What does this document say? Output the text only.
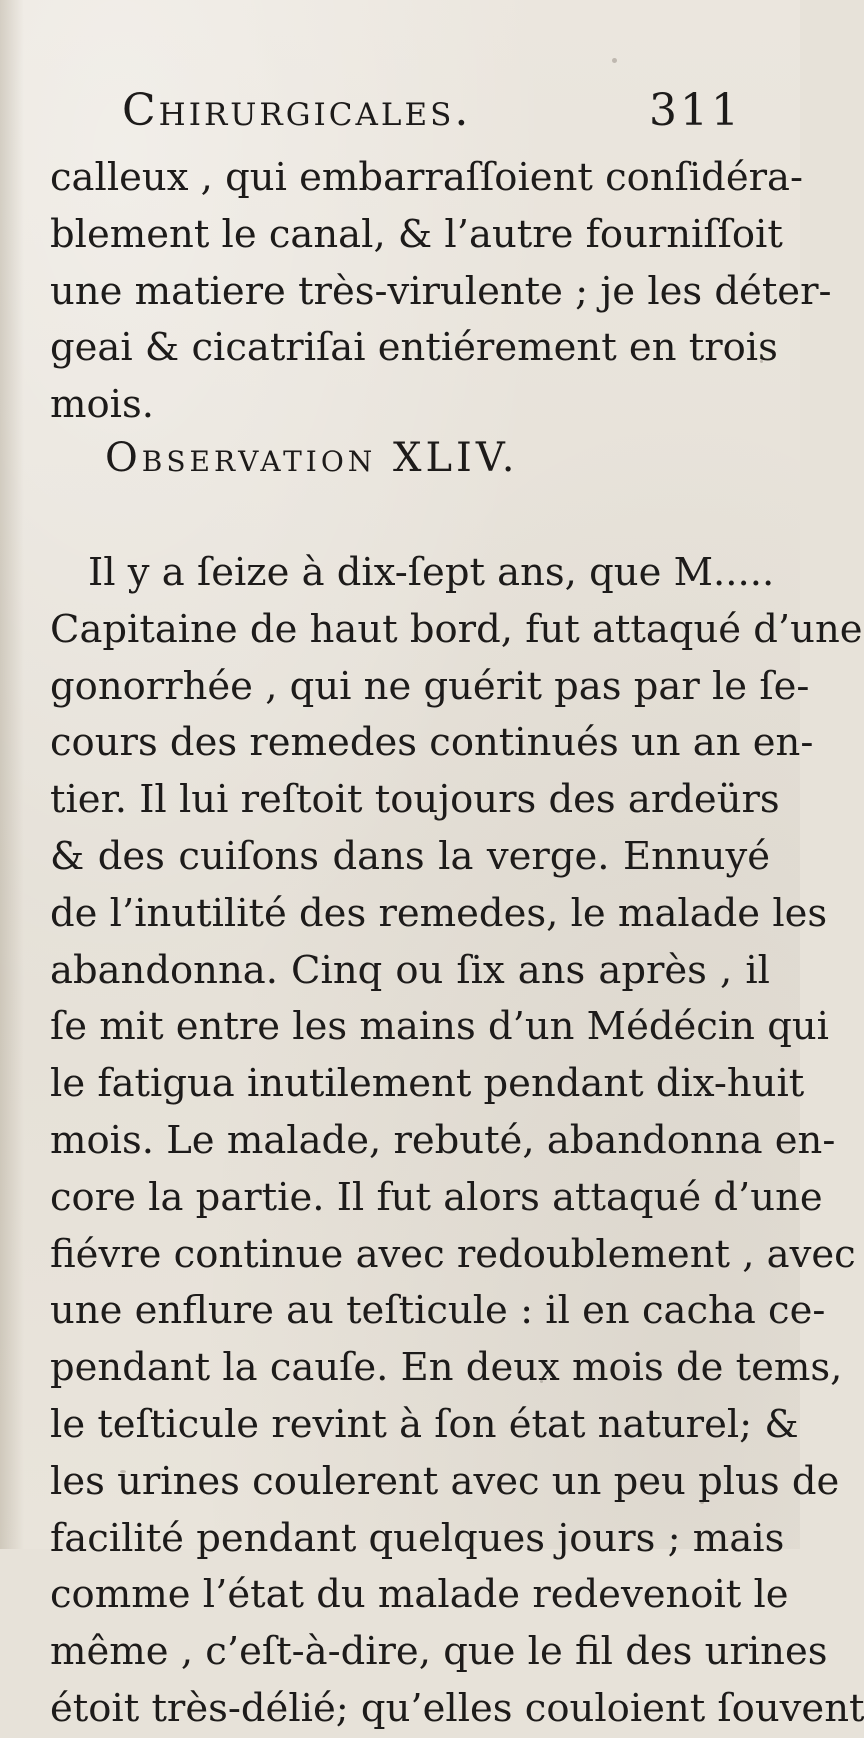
Chirurgicales.	311
calleux , qui embarraſſoient conſidéra-
blement le canal, & l’autre fourniſſoit
une matiere très-virulente ; je les déter-
geai & cicatriſai entiérement en trois
mois.
Observation XLIV.
Il y a ſeize à dix-ſept ans, que M.....
Capitaine de haut bord, fut attaqué d’une
gonorrhée , qui ne guérit pas par le ſe-
cours des remedes continués un an en-
tier. Il lui reſtoit toujours des ardeürs
& des cuiſons dans la verge. Ennuyé
de l’inutilité des remedes, le malade les
abandonna. Cinq ou ſix ans après , il
ſe mit entre les mains d’un Médécin qui
le fatigua inutilement pendant dix-huit
mois. Le malade, rebuté, abandonna en-
core la partie. Il fut alors attaqué d’une
fiévre continue avec redoublement , avec
une enflure au teſticule : il en cacha ce-
pendant la cauſe. En deux mois de tems,
le teſticule revint à ſon état naturel; &
les urines coulerent avec un peu plus de
facilité pendant quelques jours ; mais
comme l’état du malade redevenoit le
même , c’eſt-à-dire, que le fil des urines
étoit très-délié; qu’elles couloient ſouvent
